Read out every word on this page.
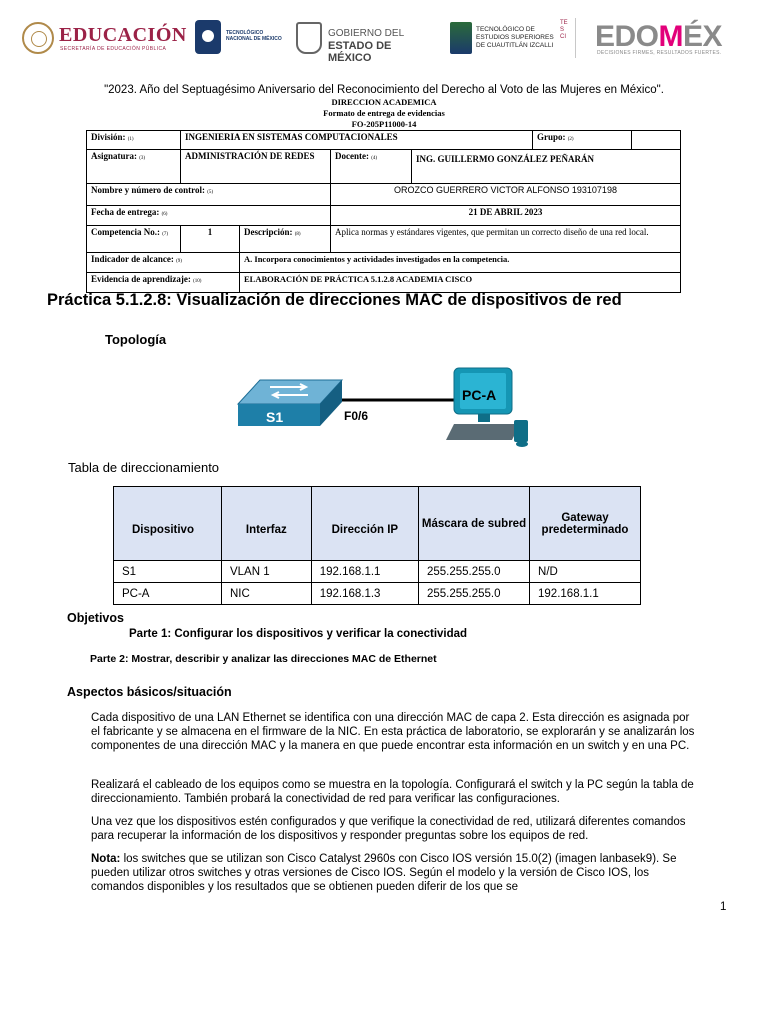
EDUCACIÓN
SECRETARÍA DE EDUCACIÓN PÚBLICA
TECNOLÓGICO NACIONAL DE MÉXICO	GOBIERNO DEL
ESTADO DE MÉXICO
TECNOLÓGICO DE ESTUDIOS SUPERIORES DE CUAUTITLÁN IZCALLI
TESCI EDOMÉX
DECISIONES FIRMES, RESULTADOS FUERTES.
"2023. Año del Septuagésimo Aniversario del Reconocimiento del Derecho al Voto de las Mujeres en México".
DIRECCION ACADEMICA
Formato de entrega de evidencias
FO-205P11000-14
División: (1)	INGENIERIA EN SISTEMAS COMPUTACIONALES				Grupo: (2)	
Asignatura: (3)	ADMINISTRACIÓN DE REDES		Docente: (4)	ING. GUILLERMO GONZÁLEZ PEÑARÁN		
Nombre y número de control: (5)			OROZCO GUERRERO VICTOR ALFONSO 193107198			
Fecha de entrega: (6)			21 DE ABRIL 2023			
Competencia No.: (7)	1	Descripción: (8)	Aplica normas y estándares vigentes, que permitan un correcto diseño de una red local.			
Indicador de alcance: (9)		A. Incorpora conocimientos y actividades investigados en la competencia.				
Evidencia de aprendizaje: (10)		ELABORACIÓN DE PRÁCTICA 5.1.2.8 ACADEMIA CISCO				
Práctica 5.1.2.8: Visualización de direcciones MAC de dispositivos de red
Topología
S1	F0/6
PC-A
Tabla de direccionamiento
Dispositivo	Interfaz	Dirección IP	Máscara de subred	Gateway predeterminado
S1	VLAN 1	192.168.1.1	255.255.255.0	N/D
PC-A	NIC	192.168.1.3	255.255.255.0	192.168.1.1
Objetivos
Parte 1: Configurar los dispositivos y verificar la conectividad
Parte 2: Mostrar, describir y analizar las direcciones MAC de Ethernet
Aspectos básicos/situación
Cada dispositivo de una LAN Ethernet se identifica con una dirección MAC de capa 2. Esta dirección es asignada por el fabricante y se almacena en el firmware de la NIC. En esta práctica de laboratorio, se explorarán y se analizarán los componentes de una dirección MAC y la manera en que puede encontrar esta información en un switch y en una PC.
Realizará el cableado de los equipos como se muestra en la topología. Configurará el switch y la PC según la tabla de direccionamiento. También probará la conectividad de red para verificar las configuraciones.
Una vez que los dispositivos estén configurados y que verifique la conectividad de red, utilizará diferentes comandos para recuperar la información de los dispositivos y responder preguntas sobre los equipos de red.
Nota: los switches que se utilizan son Cisco Catalyst 2960s con Cisco IOS versión 15.0(2) (imagen lanbasek9). Se pueden utilizar otros switches y otras versiones de Cisco IOS. Según el modelo y la versión de Cisco IOS, los comandos disponibles y los resultados que se obtienen pueden diferir de los que se
1
